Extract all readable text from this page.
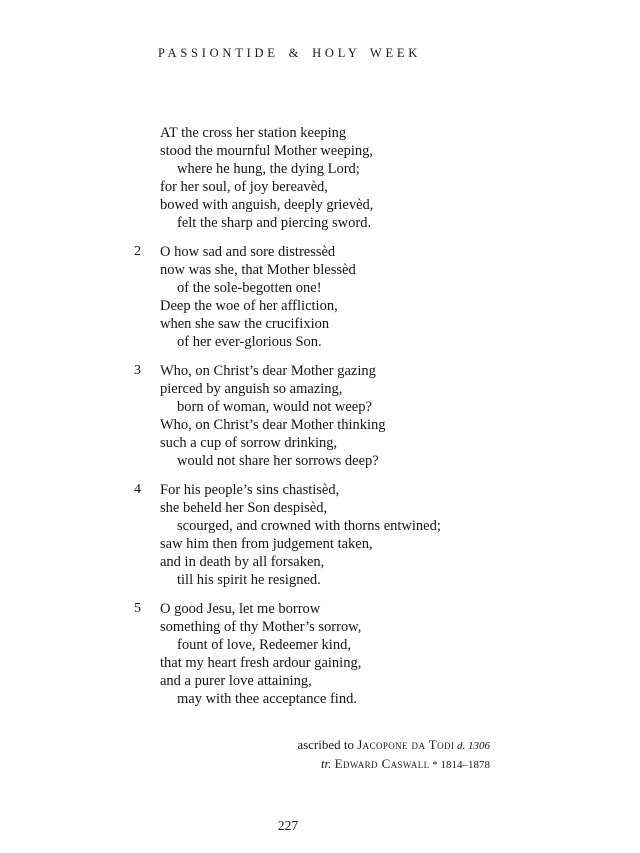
PASSIONTIDE & HOLY WEEK
AT the cross her station keeping
stood the mournful Mother weeping,
where he hung, the dying Lord;
for her soul, of joy bereavèd,
bowed with anguish, deeply grievèd,
felt the sharp and piercing sword.
2	O how sad and sore distressèd
now was she, that Mother blessèd
of the sole-begotten one!
Deep the woe of her affliction,
when she saw the crucifixion
of her ever-glorious Son.
3	Who, on Christ’s dear Mother gazing
pierced by anguish so amazing,
born of woman, would not weep?
Who, on Christ’s dear Mother thinking
such a cup of sorrow drinking,
would not share her sorrows deep?
4	For his people’s sins chastisèd,
she beheld her Son despisèd,
scourged, and crowned with thorns entwined;
saw him then from judgement taken,
and in death by all forsaken,
till his spirit he resigned.
5	O good Jesu, let me borrow
something of thy Mother’s sorrow,
fount of love, Redeemer kind,
that my heart fresh ardour gaining,
and a purer love attaining,
may with thee acceptance find.
ascribed to Jacopone da Todi d. 1306
tr. Edward Caswall * 1814–1878
227
